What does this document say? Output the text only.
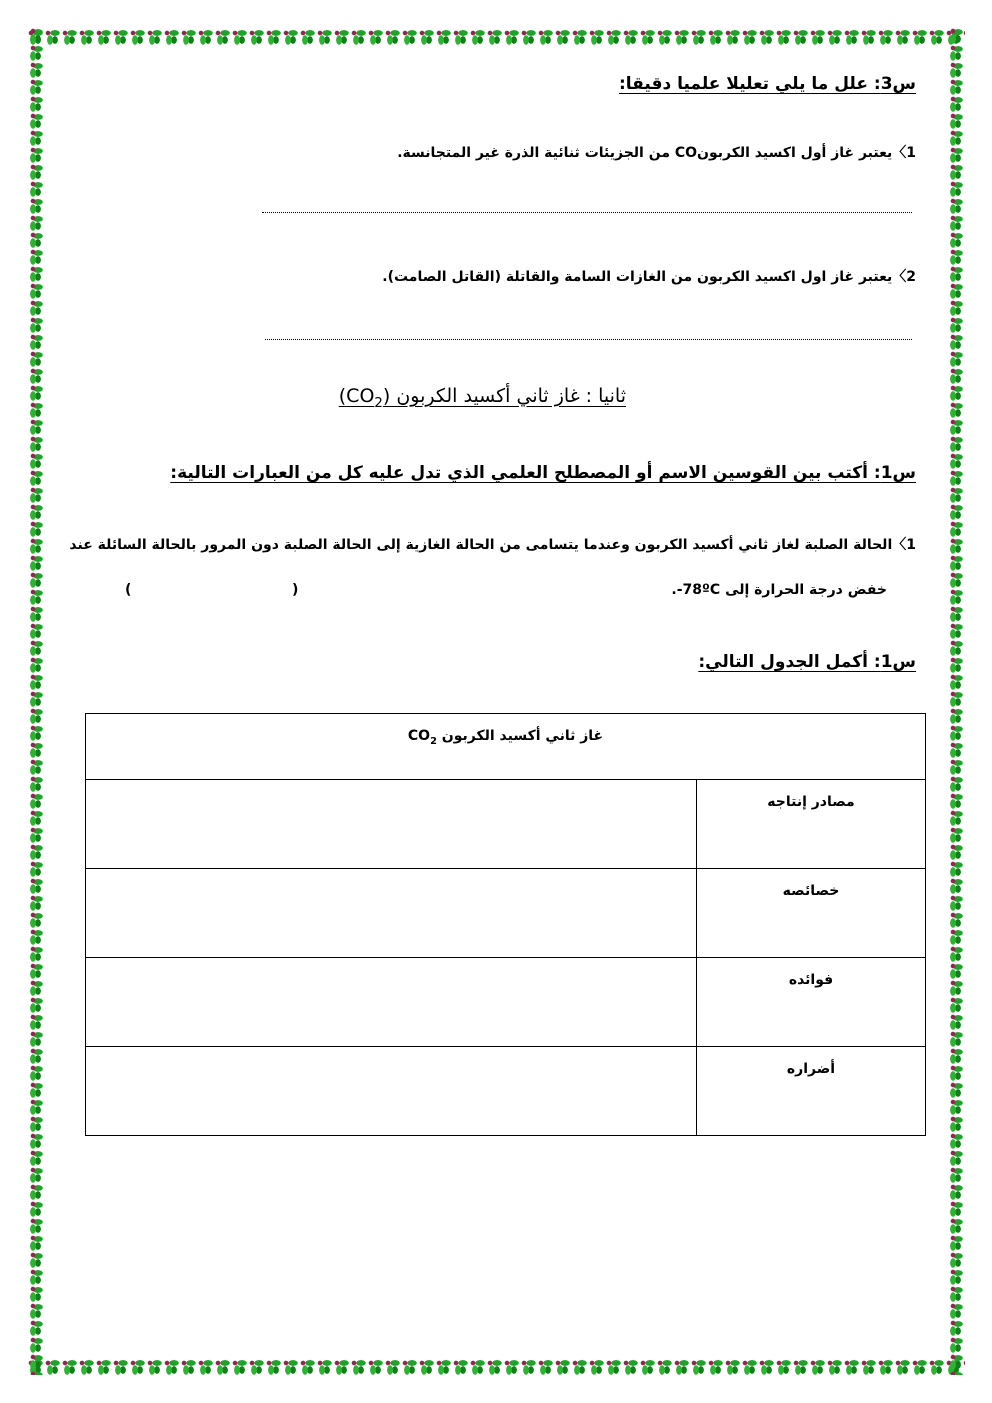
س3: علل ما يلي تعليلا علميا دقيقا:
1〉يعتبر غاز أول اكسيد الكربونCO من الجزيئات ثنائية الذرة غير المتجانسة.
2〉يعتبر غاز اول اكسيد الكربون من الغازات السامة والقاتلة (القاتل الصامت).
ثانيا : غاز ثاني أكسيد الكربون $(CO_2)$
س1: أكتب بين القوسين الاسم أو المصطلح العلمي الذي تدل عليه كل من العبارات التالية:
1〉الحالة الصلبة لغاز ثاني أكسيد الكربون وعندما يتسامى من الحالة الغازية إلى الحالة الصلبة دون المرور بالحالة السائلة عند
خفض درجة الحرارة إلى 78ºC-.
(
)
س1: أكمل الجدول التالي:
غاز ثاني أكسيد الكربون $CO_2$
مصادر إنتاجه	
خصائصه	
فوائده	
أضراره	
